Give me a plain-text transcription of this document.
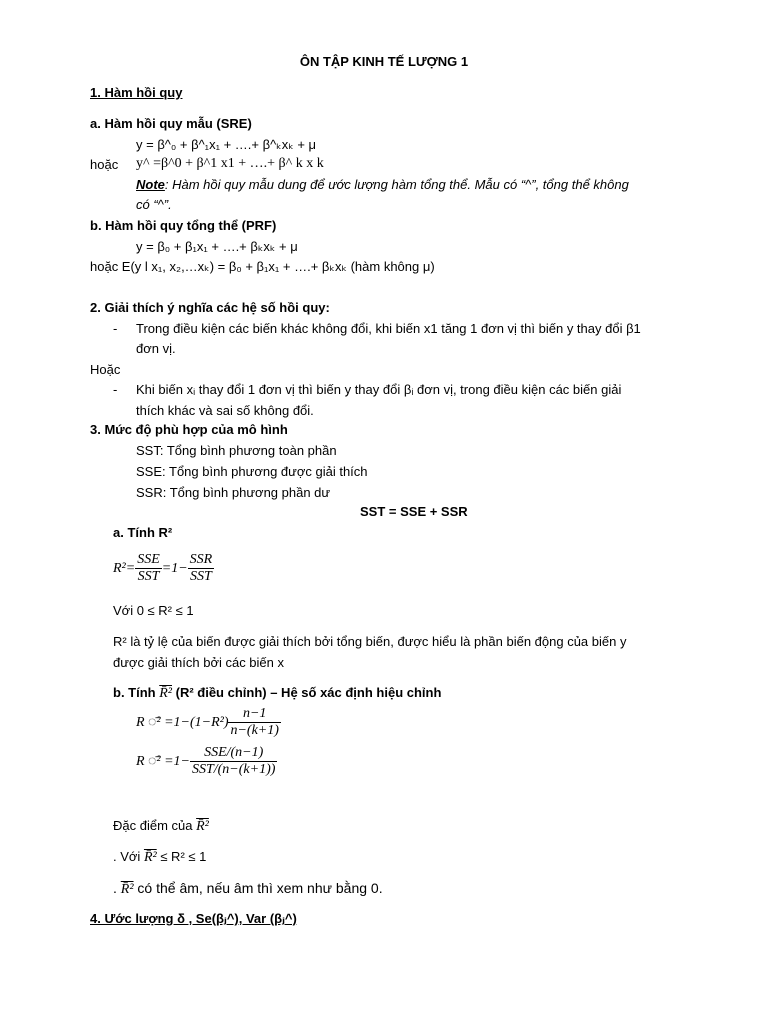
ÔN TẬP KINH TẾ LƯỢNG 1
1. Hàm hồi quy
a. Hàm hồi quy mẫu (SRE)
y = β^₀ + β^₁x₁ + ….+ β^ₖxₖ + μ
hoặc y^ =β^0 + β^1 x1 + ….+ β^ k x k
Note: Hàm hồi quy mẫu dung để ước lượng hàm tổng thể. Mẫu có “^”, tổng thể không
có “^”.
b. Hàm hồi quy tổng thể (PRF)
y = β₀ + β₁x₁ + ….+ βₖxₖ + μ
hoặc E(y l x₁, x₂,…xₖ) = β₀ + β₁x₁ + ….+ βₖxₖ (hàm không μ)
2. Giải thích ý nghĩa các hệ số hồi quy:
- Trong điều kiện các biến khác không đổi, khi biến x1 tăng 1 đơn vị thì biến y thay đổi β1
đơn vị.
Hoặc
- Khi biến xᵢ thay đổi 1 đơn vị thì biến y thay đổi βᵢ đơn vị, trong điều kiện các biến giải
thích khác và sai số không đổi.
3. Mức độ phù hợp của mô hình
SST: Tổng bình phương toàn phần
SSE: Tổng bình phương được giải thích
SSR: Tổng bình phương phần dư
SST = SSE + SSR
a. Tính R²
$R^2= \frac{\text{SSE}}{\text{SST}} =1- \frac{\text{SSR}}{\text{SST}}$
Với 0 ≤ R² ≤ 1
R² là tỷ lệ của biến được giải thích bởi tổng biến, được hiểu là phần biến động của biến y
được giải thích bởi các biến x
b. Tính R̄² (R² điều chỉnh) – Hệ số xác định hiệu chỉnh
R ◌̄² $=1-(1-R^2) \frac{n-1}{n-(k+1)}$
R ◌̄² $=1- \frac{\text{SSE/(n−1)}}{\text{SST/(n−(k+1))}}$
Đặc điểm của R̄²
. Với R̄² ≤ R² ≤ 1
. R̄² có thể âm, nếu âm thì xem như bằng 0.
4. Ước lượng δ , Se(βⱼ^), Var (βⱼ^)
